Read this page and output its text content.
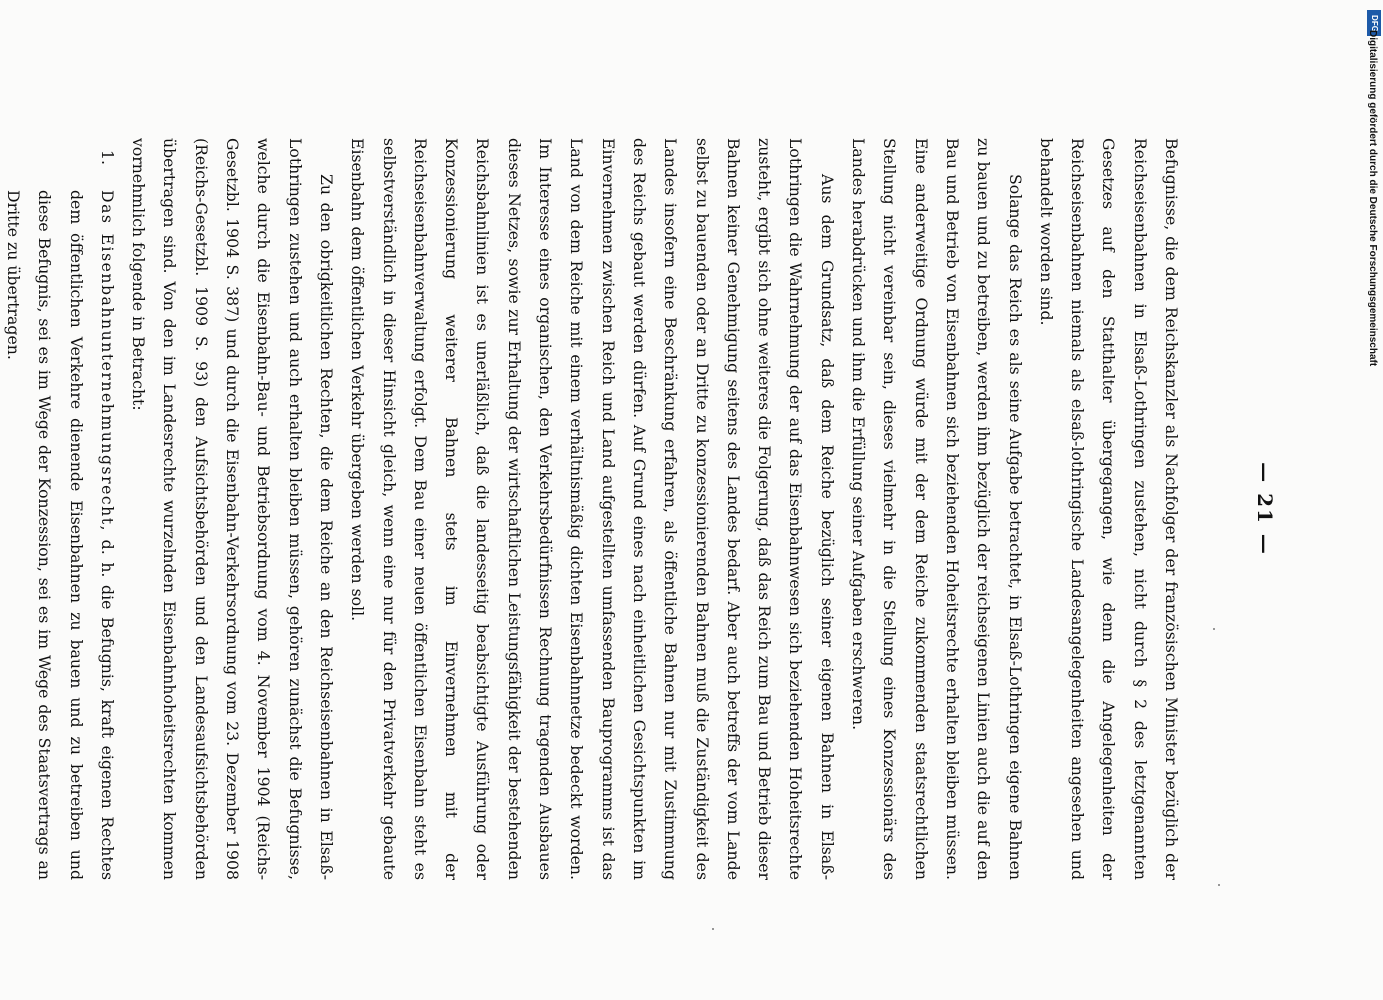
— 21 —

Befugnisse, die dem Reichskanzler als Nachfolger der französischen Minister bezüglich der Reichseisenbahnen in Elsaß-Lothringen zustehen, nicht durch § 2 des letztgenannten Gesetzes auf den Statthalter übergegangen, wie denn die Angelegenheiten der Reichseisenbahnen niemals als elsaß-lothringische Landesangelegenheiten angesehen und behandelt worden sind.

Solange das Reich es als seine Aufgabe betrachtet, in Elsaß-Lothringen eigene Bahnen zu bauen und zu betreiben, werden ihm bezüglich der reichseigenen Linien auch die auf den Bau und Betrieb von Eisenbahnen sich beziehenden Hoheitsrechte erhalten bleiben müssen. Eine anderweitige Ordnung würde mit der dem Reiche zukommenden staatsrechtlichen Stellung nicht vereinbar sein, dieses vielmehr in die Stellung eines Konzessionärs des Landes herabdrücken und ihm die Erfüllung seiner Aufgaben erschweren.

Aus dem Grundsatz, daß dem Reiche bezüglich seiner eigenen Bahnen in Elsaß-Lothringen die Wahrnehmung der auf das Eisenbahnwesen sich beziehenden Hoheitsrechte zusteht, ergibt sich ohne weiteres die Folgerung, daß das Reich zum Bau und Betrieb dieser Bahnen keiner Genehmigung seitens des Landes bedarf. Aber auch betreffs der vom Lande selbst zu bauenden oder an Dritte zu konzessionierenden Bahnen muß die Zuständigkeit des Landes insofern eine Beschränkung erfahren, als öffentliche Bahnen nur mit Zustimmung des Reichs gebaut werden dürfen. Auf Grund eines nach einheitlichen Gesichtspunkten im Einvernehmen zwischen Reich und Land aufgestellten umfassenden Bauprogramms ist das Land von dem Reiche mit einem verhältnismäßig dichten Eisenbahnnetze bedeckt worden. Im Interesse eines organischen, den Verkehrsbedürfnissen Rechnung tragenden Ausbaues dieses Netzes, sowie zur Erhaltung der wirtschaftlichen Leistungsfähigkeit der bestehenden Reichsbahnlinien ist es unerläßlich, daß die landesseitig beabsichtigte Ausführung oder Konzessionierung weiterer Bahnen stets im Einvernehmen mit der Reichseisenbahnverwaltung erfolgt. Dem Bau einer neuen öffentlichen Eisenbahn steht es selbstverständlich in dieser Hinsicht gleich, wenn eine nur für den Privatverkehr gebaute Eisenbahn dem öffentlichen Verkehr übergeben werden soll.

Zu den obrigkeitlichen Rechten, die dem Reiche an den Reichseisenbahnen in Elsaß-Lothringen zustehen und auch erhalten bleiben müssen, gehören zunächst die Befugnisse, welche durch die Eisenbahn-Bau- und Betriebsordnung vom 4. November 1904 (Reichs-Gesetzbl. 1904 S. 387) und durch die Eisenbahn-Verkehrsordnung vom 23. Dezember 1908 (Reichs-Gesetzbl. 1909 S. 93) den Aufsichtsbehörden und den Landesaufsichtsbehörden übertragen sind. Von den im Landesrechte wurzelnden Eisenbahnhoheitsrechten kommen vornehmlich folgende in Betracht:

1.
Das Eisenbahnunternehmungsrecht, d. h. die Befugnis, kraft eigenen Rechtes dem öffentlichen Verkehre dienende Eisenbahnen zu bauen und zu betreiben und diese Befugnis, sei es im Wege der Konzession, sei es im Wege des Staatsvertrags an Dritte zu übertragen.
DFG
Digitalisierung gefördert durch die Deutsche Forschungsgemeinschaft
